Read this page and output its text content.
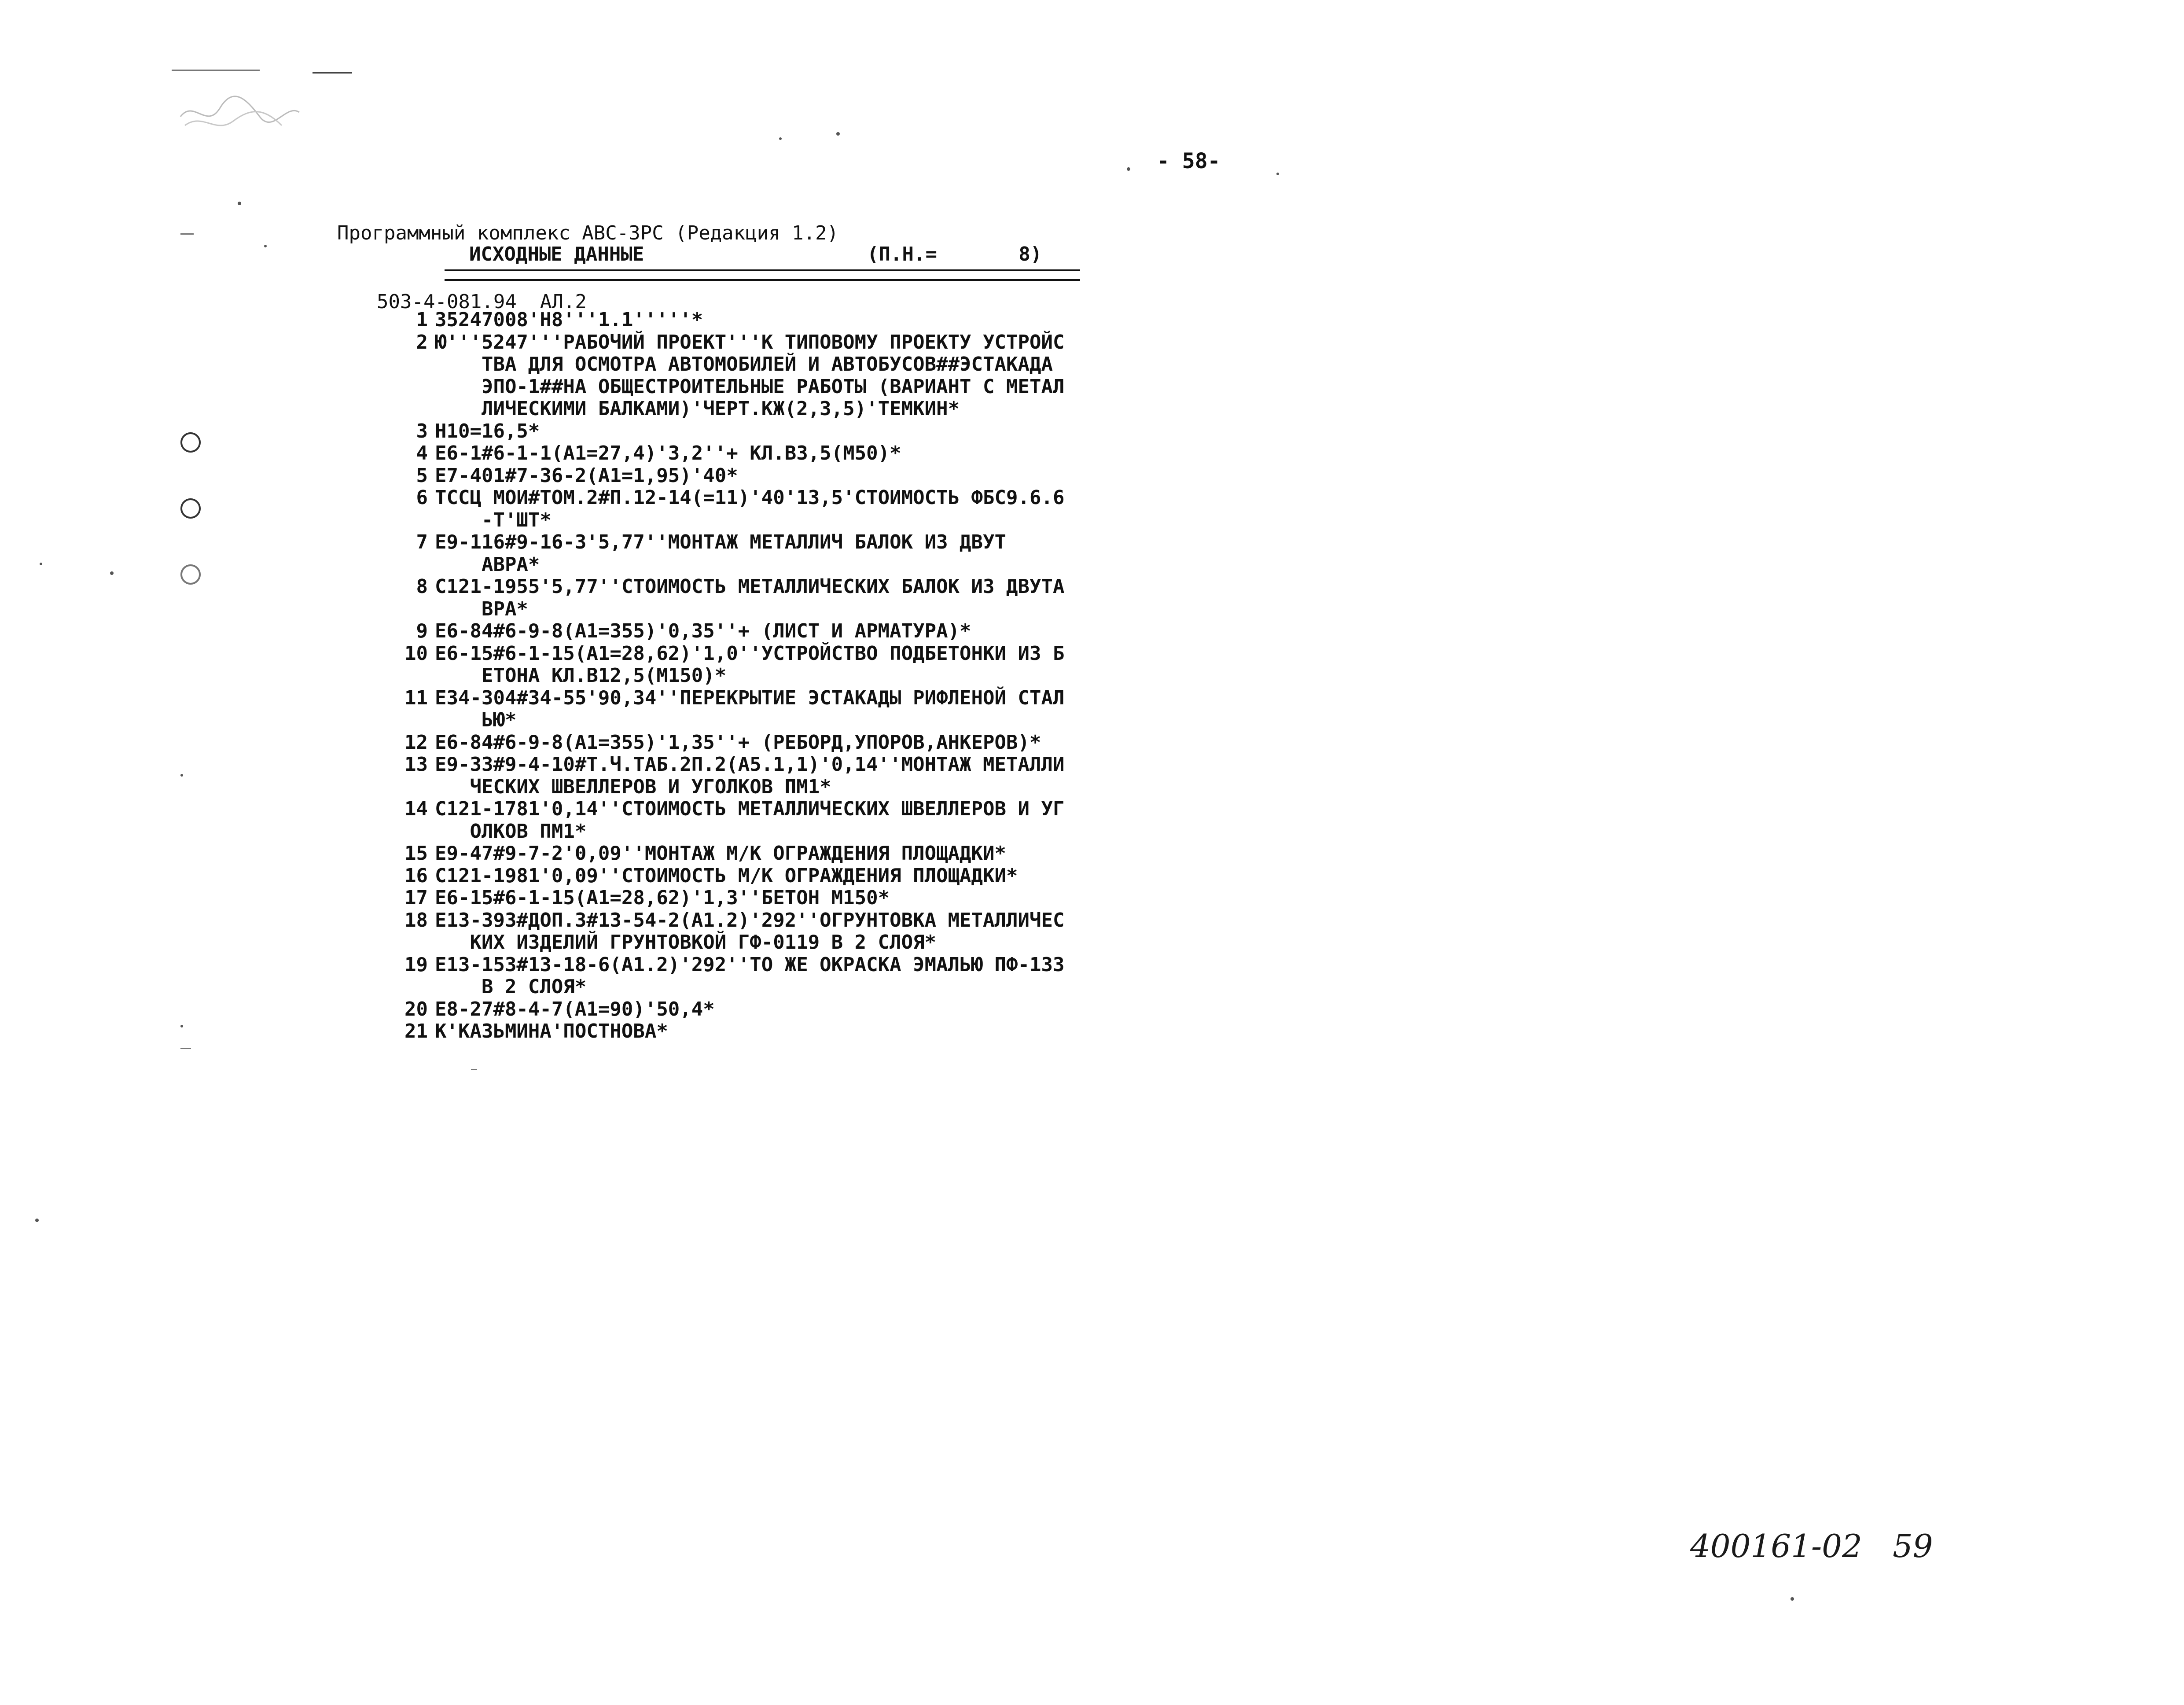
- 58-

Программный комплекс АВС-3РС (Редакция 1.2)

503-4-081.94  АЛ.2

ИСХОДНЫЕ ДАННЫЕ	(П.Н.=       8)
1 35247008'Н8'''1.1'''''*
2 Ю'''5247'''РАБОЧИЙ ПРОЕКТ'''К ТИПОВОМУ ПРОЕКТУ УСТРОЙС
ТВА ДЛЯ ОСМОТРА АВТОМОБИЛЕЙ И АВТОБУСОВ##ЭСТАКАДА
ЭПО-1##НА ОБЩЕСТРОИТЕЛЬНЫЕ РАБОТЫ (ВАРИАНТ С МЕТАЛ
ЛИЧЕСКИМИ БАЛКАМИ)'ЧЕРТ.КЖ(2,3,5)'ТЕМКИН*
3 Н10=16,5*
4 Е6-1#6-1-1(А1=27,4)'3,2''+ КЛ.В3,5(М50)*
5 Е7-401#7-36-2(А1=1,95)'40*
6 ТССЦ МОИ#ТОМ.2#П.12-14(=11)'40'13,5'СТОИМОСТЬ ФБС9.6.6
-Т'ШТ*
7 Е9-116#9-16-3'5,77''МОНТАЖ МЕТАЛЛИЧ БАЛОК ИЗ ДВУТ
АВРА*
8 С121-1955'5,77''СТОИМОСТЬ МЕТАЛЛИЧЕСКИХ БАЛОК ИЗ ДВУТА
ВРА*
9 Е6-84#6-9-8(А1=355)'0,35''+ (ЛИСТ И АРМАТУРА)*
10 Е6-15#6-1-15(А1=28,62)'1,0''УСТРОЙСТВО ПОДБЕТОНКИ ИЗ Б
ЕТОНА КЛ.В12,5(М150)*
11 Е34-304#34-55'90,34''ПЕРЕКРЫТИЕ ЭСТАКАДЫ РИФЛЕНОЙ СТАЛ
ЬЮ*
12 Е6-84#6-9-8(А1=355)'1,35''+ (РЕБОРД,УПОРОВ,АНКЕРОВ)*
13 Е9-33#9-4-10#Т.Ч.ТАБ.2П.2(А5.1,1)'0,14''МОНТАЖ МЕТАЛЛИ
ЧЕСКИХ ШВЕЛЛЕРОВ И УГОЛКОВ ПМ1*
14 С121-1781'0,14''СТОИМОСТЬ МЕТАЛЛИЧЕСКИХ ШВЕЛЛЕРОВ И УГ
ОЛКОВ ПМ1*
15 Е9-47#9-7-2'0,09''МОНТАЖ М/К ОГРАЖДЕНИЯ ПЛОЩАДКИ*
16 С121-1981'0,09''СТОИМОСТЬ М/К ОГРАЖДЕНИЯ ПЛОЩАДКИ*
17 Е6-15#6-1-15(А1=28,62)'1,3''БЕТОН М150*
18 Е13-393#ДОП.3#13-54-2(А1.2)'292''ОГРУНТОВКА МЕТАЛЛИЧЕС
КИХ ИЗДЕЛИЙ ГРУНТОВКОЙ ГФ-0119 В 2 СЛОЯ*
19 Е13-153#13-18-6(А1.2)'292''ТО ЖЕ ОКРАСКА ЭМАЛЬЮ ПФ-133
В 2 СЛОЯ*
20 Е8-27#8-4-7(А1=90)'50,4*
21 К'КАЗЬМИНА'ПОСТНОВА*
400161-02 59
